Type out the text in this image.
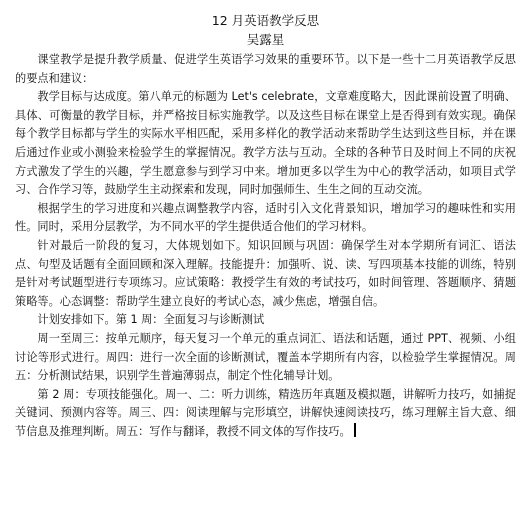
12 月英语教学反思

吴露星

课堂教学是提升教学质量、促进学生英语学习效果的重要环节。以下是一些十二月英语教学反思的要点和建议：

教学目标与达成度。第八单元的标题为 Let's celebrate，文章难度略大，因此课前设置了明确、具体、可衡量的教学目标，并严格按目标实施教学。以及这些目标在课堂上是否得到有效实现。确保每个教学目标都与学生的实际水平相匹配，采用多样化的教学活动来帮助学生达到这些目标，并在课后通过作业或小测验来检验学生的掌握情况。教学方法与互动。全球的各种节日及时间上不同的庆祝方式激发了学生的兴趣，学生愿意参与到学习中来。增加更多以学生为中心的教学活动，如项目式学习、合作学习等，鼓励学生主动探索和发现，同时加强师生、生生之间的互动交流。

根据学生的学习进度和兴趣点调整教学内容，适时引入文化背景知识，增加学习的趣味性和实用性。同时，采用分层教学，为不同水平的学生提供适合他们的学习材料。

针对最后一阶段的复习，大体规划如下。知识回顾与巩固：确保学生对本学期所有词汇、语法点、句型及话题有全面回顾和深入理解。技能提升：加强听、说、读、写四项基本技能的训练，特别是针对考试题型进行专项练习。应试策略：教授学生有效的考试技巧，如时间管理、答题顺序、猜题策略等。心态调整：帮助学生建立良好的考试心态，减少焦虑，增强自信。

计划安排如下。第 1 周：全面复习与诊断测试

周一至周三：按单元顺序，每天复习一个单元的重点词汇、语法和话题，通过 PPT、视频、小组讨论等形式进行。周四：进行一次全面的诊断测试，覆盖本学期所有内容，以检验学生掌握情况。周五：分析测试结果，识别学生普遍薄弱点，制定个性化辅导计划。

第 2 周：专项技能强化。周一、二：听力训练，精选历年真题及模拟题，讲解听力技巧，如捕捉关键词、预测内容等。周三、四：阅读理解与完形填空，讲解快速阅读技巧，练习理解主旨大意、细节信息及推理判断。周五：写作与翻译，教授不同文体的写作技巧。
